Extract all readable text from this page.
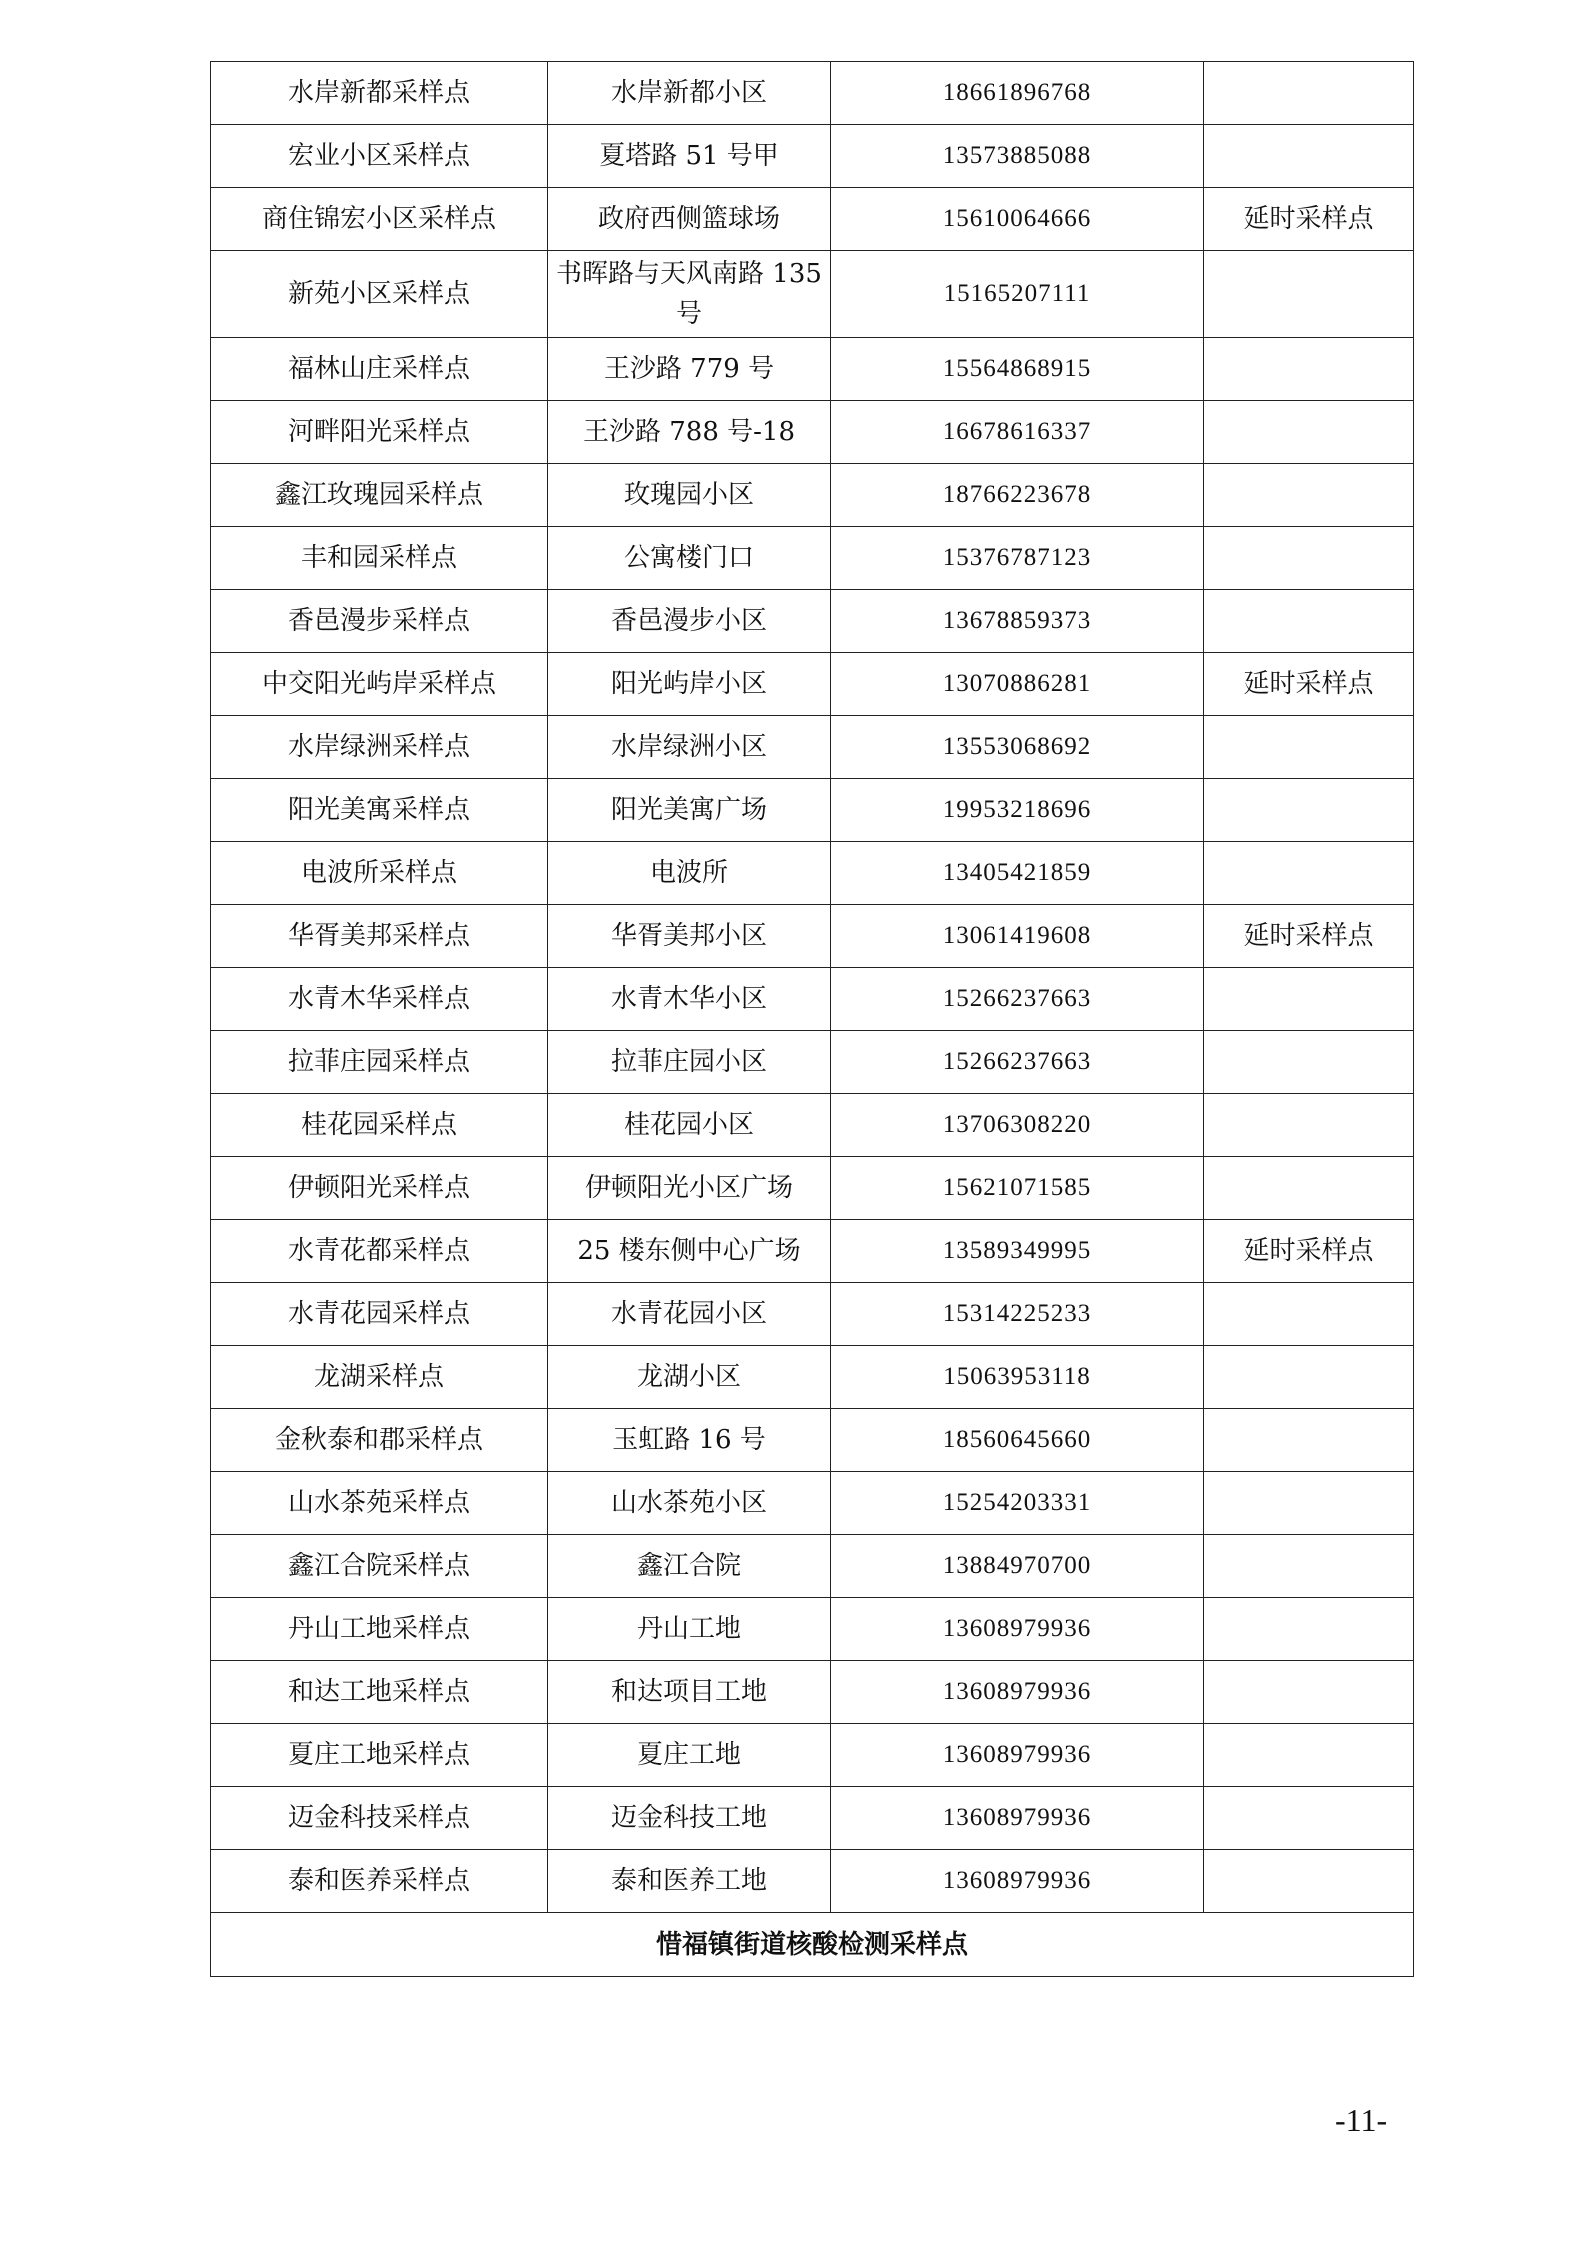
水岸新都采样点	水岸新都小区	18661896768	
宏业小区采样点	夏塔路 51 号甲	13573885088	
商住锦宏小区采样点	政府西侧篮球场	15610064666	延时采样点
新苑小区采样点	书晖路与天风南路 135 号	15165207111	
福林山庄采样点	王沙路 779 号	15564868915	
河畔阳光采样点	王沙路 788 号-18	16678616337	
鑫江玫瑰园采样点	玫瑰园小区	18766223678	
丰和园采样点	公寓楼门口	15376787123	
香邑漫步采样点	香邑漫步小区	13678859373	
中交阳光屿岸采样点	阳光屿岸小区	13070886281	延时采样点
水岸绿洲采样点	水岸绿洲小区	13553068692	
阳光美寓采样点	阳光美寓广场	19953218696	
电波所采样点	电波所	13405421859	
华胥美邦采样点	华胥美邦小区	13061419608	延时采样点
水青木华采样点	水青木华小区	15266237663	
拉菲庄园采样点	拉菲庄园小区	15266237663	
桂花园采样点	桂花园小区	13706308220	
伊顿阳光采样点	伊顿阳光小区广场	15621071585	
水青花都采样点	25 楼东侧中心广场	13589349995	延时采样点
水青花园采样点	水青花园小区	15314225233	
龙湖采样点	龙湖小区	15063953118	
金秋泰和郡采样点	玉虹路 16 号	18560645660	
山水茶苑采样点	山水茶苑小区	15254203331	
鑫江合院采样点	鑫江合院	13884970700	
丹山工地采样点	丹山工地	13608979936	
和达工地采样点	和达项目工地	13608979936	
夏庄工地采样点	夏庄工地	13608979936	
迈金科技采样点	迈金科技工地	13608979936	
泰和医养采样点	泰和医养工地	13608979936	
惜福镇街道核酸检测采样点			
-11-
